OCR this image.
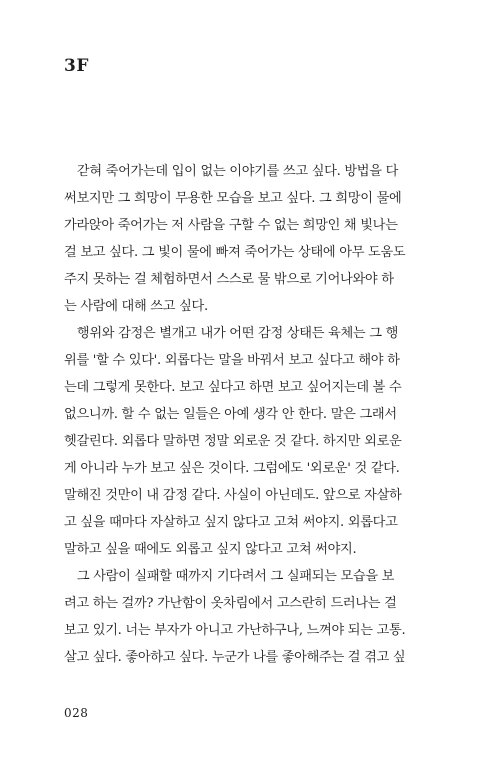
3F

　갇혀 죽어가는데 입이 없는 이야기를 쓰고 싶다. 방법을 다
써보지만 그 희망이 무용한 모습을 보고 싶다. 그 희망이 물에
가라앉아 죽어가는 저 사람을 구할 수 없는 희망인 채 빛나는
걸 보고 싶다. 그 빛이 물에 빠져 죽어가는 상태에 아무 도움도
주지 못하는 걸 체험하면서 스스로 물 밖으로 기어나와야 하
는 사람에 대해 쓰고 싶다.

　행위와 감정은 별개고 내가 어떤 감정 상태든 육체는 그 행
위를 '할 수 있다'. 외롭다는 말을 바꿔서 보고 싶다고 해야 하
는데 그렇게 못한다. 보고 싶다고 하면 보고 싶어지는데 볼 수
없으니까. 할 수 없는 일들은 아예 생각 안 한다. 말은 그래서
헷갈린다. 외롭다 말하면 정말 외로운 것 같다. 하지만 외로운
게 아니라 누가 보고 싶은 것이다. 그럼에도 '외로운' 것 같다.
말해진 것만이 내 감정 같다. 사실이 아닌데도. 앞으로 자살하
고 싶을 때마다 자살하고 싶지 않다고 고쳐 써야지. 외롭다고
말하고 싶을 때에도 외롭고 싶지 않다고 고쳐 써야지.

　그 사람이 실패할 때까지 기다려서 그 실패되는 모습을 보
려고 하는 걸까? 가난함이 옷차림에서 고스란히 드러나는 걸
보고 있기. 너는 부자가 아니고 가난하구나, 느껴야 되는 고통.
살고 싶다. 좋아하고 싶다. 누군가 나를 좋아해주는 걸 겪고 싶

028
